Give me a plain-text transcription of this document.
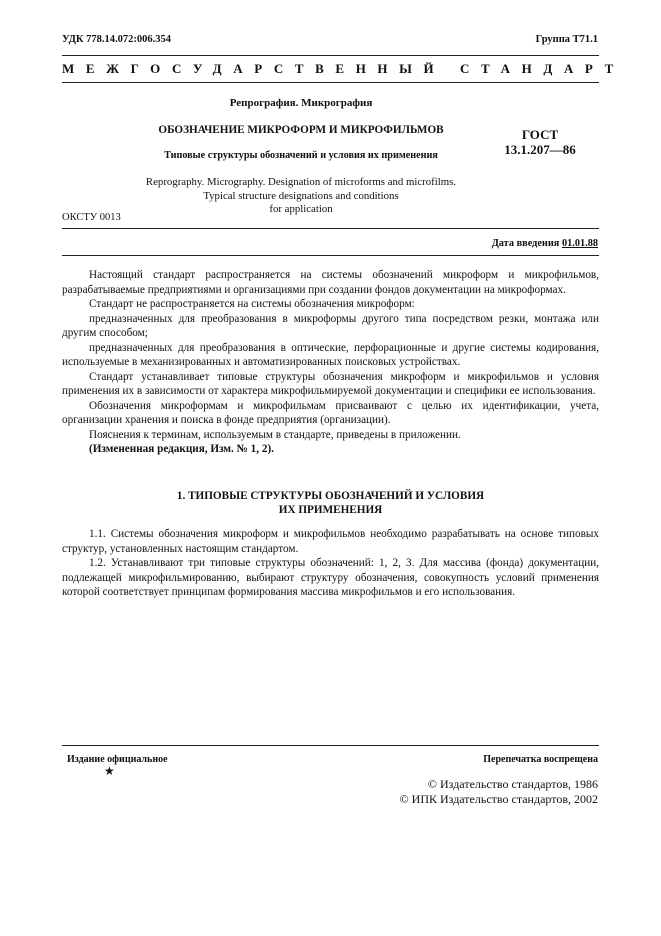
УДК 778.14.072:006.354	Группа Т71.1
МЕЖГОСУДАРСТВЕННЫЙ СТАНДАРТ
Репрография. Микрография
ОБОЗНАЧЕНИЕ МИКРОФОРМ И МИКРОФИЛЬМОВ
Типовые структуры обозначений и условия их применения
ГОСТ
13.1.207—86
Reprography. Micrography. Designation of microforms and microfilms.
Typical structure designations and conditions
for application
ОКСТУ 0013
Дата введения 01.01.88

Настоящий стандарт распространяется на системы обозначений микроформ и микрофильмов, разрабатываемые предприятиями и организациями при создании фондов документации на микроформах.

Стандарт не распространяется на системы обозначения микроформ:

предназначенных для преобразования в микроформы другого типа посредством резки, монтажа или другим способом;

предназначенных для преобразования в оптические, перфорационные и другие системы кодирования, используемые в механизированных и автоматизированных поисковых устройствах.

Стандарт устанавливает типовые структуры обозначения микроформ и микрофильмов и условия применения их в зависимости от характера микрофильмируемой документации и специфики ее использования.

Обозначения микроформам и микрофильмам присваивают с целью их идентификации, учета, организации хранения и поиска в фонде предприятия (организации).

Пояснения к терминам, используемым в стандарте, приведены в приложении.

(Измененная редакция, Изм. № 1, 2).

1. ТИПОВЫЕ СТРУКТУРЫ ОБОЗНАЧЕНИЙ И УСЛОВИЯ
ИХ ПРИМЕНЕНИЯ

1.1. Системы обозначения микроформ и микрофильмов необходимо разрабатывать на основе типовых структур, установленных настоящим стандартом.

1.2. Устанавливают три типовые структуры обозначений: 1, 2, 3. Для массива (фонда) документации, подлежащей микрофильмированию, выбирают структуру обозначения, совокупность условий применения которой соответствует принципам формирования массива микрофильмов и его использования.

Издание официальное
★
Перепечатка воспрещена
© Издательство стандартов, 1986
© ИПК Издательство стандартов, 2002
